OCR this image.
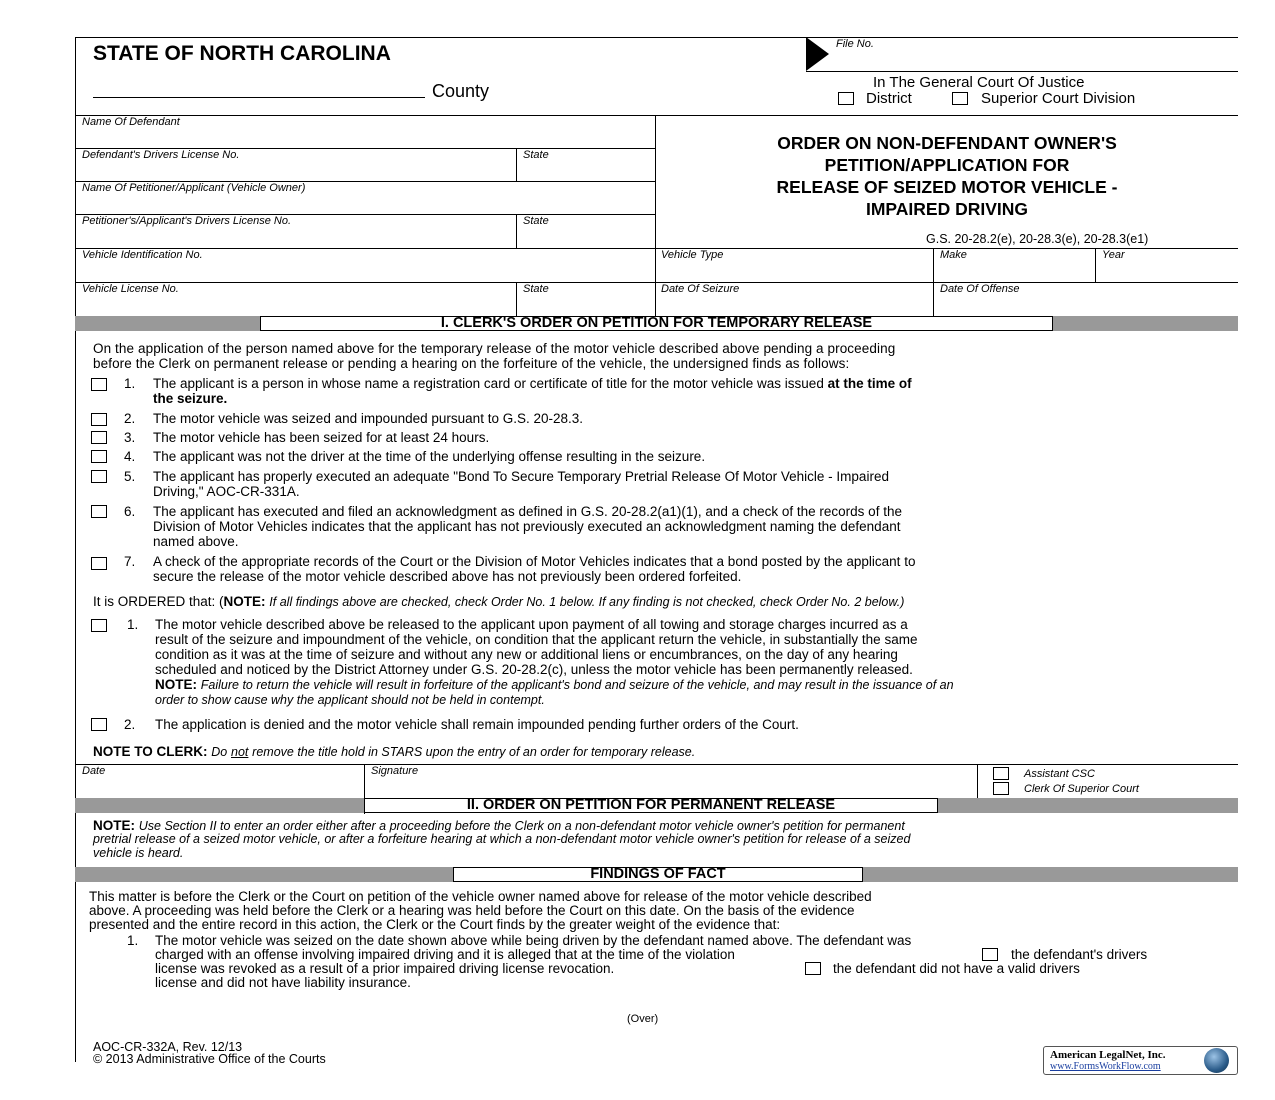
STATE OF NORTH CAROLINA
County
File No.
In The General Court Of Justice
District	Superior Court Division
Name Of Defendant
Defendant's Drivers License No.	State
Name Of Petitioner/Applicant (Vehicle Owner)
Petitioner's/Applicant's Drivers License No.	State
ORDER ON NON-DEFENDANT OWNER'S
PETITION/APPLICATION FOR
RELEASE OF SEIZED MOTOR VEHICLE -
IMPAIRED DRIVING
G.S. 20-28.2(e), 20-28.3(e), 20-28.3(e1)
Vehicle Identification No.	Vehicle Type	Make	Year
Vehicle License No.	State	Date Of Seizure	Date Of Offense
I. CLERK'S ORDER ON PETITION FOR TEMPORARY RELEASE
On the application of the person named above for the temporary release of the motor vehicle described above pending a proceeding
before the Clerk on permanent release or pending a hearing on the forfeiture of the vehicle, the undersigned finds as follows:
1. The applicant is a person in whose name a registration card or certificate of title for the motor vehicle was issued at the time of
the seizure.
2. The motor vehicle was seized and impounded pursuant to G.S. 20-28.3.
3. The motor vehicle has been seized for at least 24 hours.
4. The applicant was not the driver at the time of the underlying offense resulting in the seizure.
5. The applicant has properly executed an adequate "Bond To Secure Temporary Pretrial Release Of Motor Vehicle - Impaired
Driving," AOC-CR-331A.
6. The applicant has executed and filed an acknowledgment as defined in G.S. 20-28.2(a1)(1), and a check of the records of the
Division of Motor Vehicles indicates that the applicant has not previously executed an acknowledgment naming the defendant
named above.
7. A check of the appropriate records of the Court or the Division of Motor Vehicles indicates that a bond posted by the applicant to
secure the release of the motor vehicle described above has not previously been ordered forfeited.
It is ORDERED that: (NOTE: If all findings above are checked, check Order No. 1 below. If any finding is not checked, check Order No. 2 below.)
1. The motor vehicle described above be released to the applicant upon payment of all towing and storage charges incurred as a
result of the seizure and impoundment of the vehicle, on condition that the applicant return the vehicle, in substantially the same
condition as it was at the time of seizure and without any new or additional liens or encumbrances, on the day of any hearing
scheduled and noticed by the District Attorney under G.S. 20-28.2(c), unless the motor vehicle has been permanently released.
NOTE: Failure to return the vehicle will result in forfeiture of the applicant's bond and seizure of the vehicle, and may result in the issuance of an
order to show cause why the applicant should not be held in contempt.
2. The application is denied and the motor vehicle shall remain impounded pending further orders of the Court.
NOTE TO CLERK: Do not remove the title hold in STARS upon the entry of an order for temporary release.
Date	Signature	Assistant CSC
Clerk Of Superior Court
II. ORDER ON PETITION FOR PERMANENT RELEASE
NOTE: Use Section II to enter an order either after a proceeding before the Clerk on a non-defendant motor vehicle owner's petition for permanent
pretrial release of a seized motor vehicle, or after a forfeiture hearing at which a non-defendant motor vehicle owner's petition for release of a seized
vehicle is heard.
FINDINGS OF FACT
This matter is before the Clerk or the Court on petition of the vehicle owner named above for release of the motor vehicle described
above. A proceeding was held before the Clerk or a hearing was held before the Court on this date. On the basis of the evidence
presented and the entire record in this action, the Clerk or the Court finds by the greater weight of the evidence that:
1. The motor vehicle was seized on the date shown above while being driven by the defendant named above. The defendant was
charged with an offense involving impaired driving and it is alleged that at the time of the violation	the defendant's drivers
license was revoked as a result of a prior impaired driving license revocation.	the defendant did not have a valid drivers
license and did not have liability insurance.
(Over)
AOC-CR-332A, Rev. 12/13
© 2013 Administrative Office of the Courts	American LegalNet, Inc.
www.FormsWorkFlow.com
